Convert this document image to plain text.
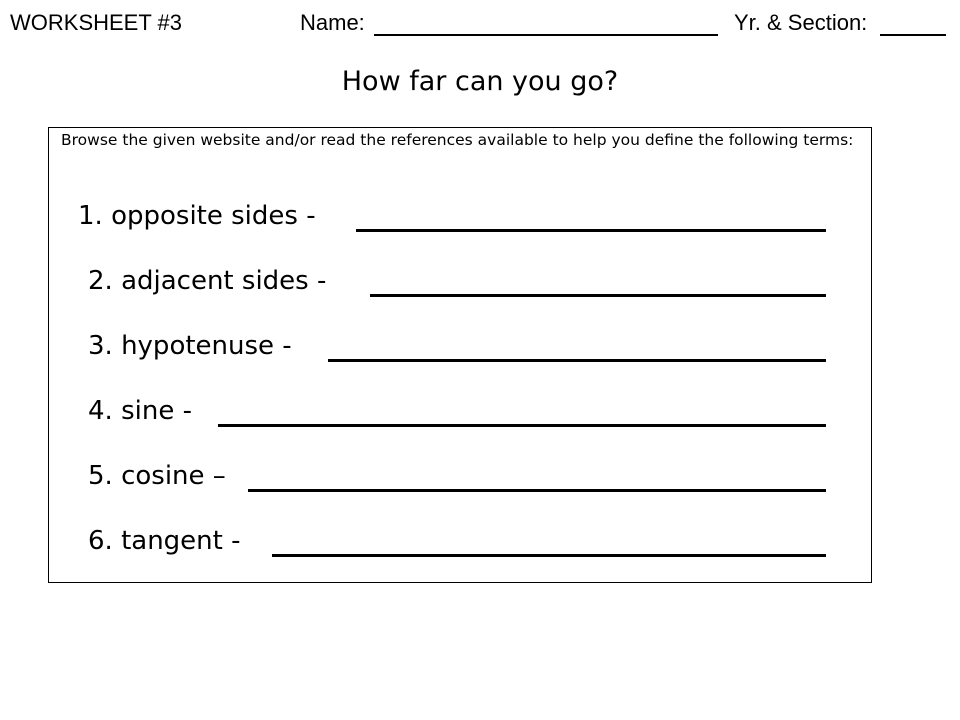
WORKSHEET #3	Name:	Yr. & Section:
How far can you go?
Browse the given website and/or read the references available to help you define the following terms:
1. opposite sides -
2. adjacent sides -
3. hypotenuse -
4. sine -
5. cosine –
6. tangent -
